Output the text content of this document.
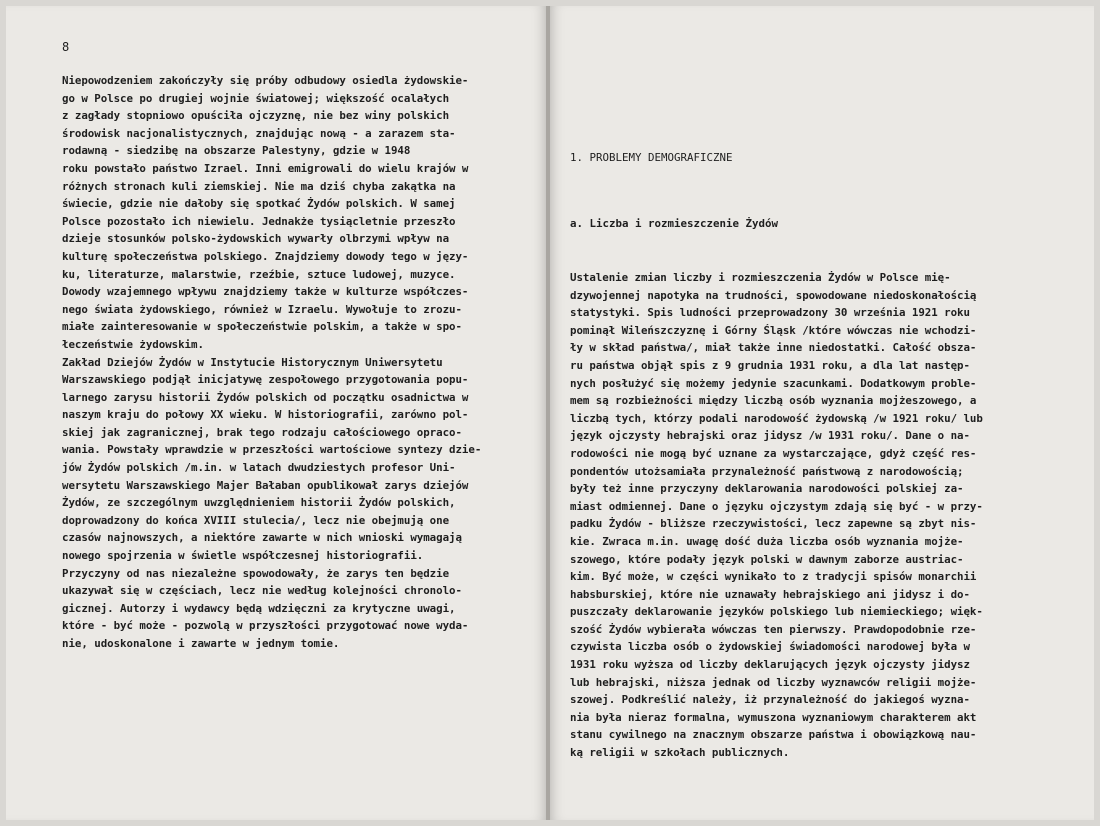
8

Niepowodzeniem zakończyły się próby odbudowy osiedla żydowskie-
go w Polsce po drugiej wojnie światowej; większość ocalałych
z zagłady stopniowo opuściła ojczyznę, nie bez winy polskich
środowisk nacjonalistycznych, znajdując nową - a zarazem sta-
rodawną - siedzibę na obszarze Palestyny, gdzie w 1948
roku powstało państwo Izrael. Inni emigrowali do wielu krajów w
różnych stronach kuli ziemskiej. Nie ma dziś chyba zakątka na
świecie, gdzie nie dałoby się spotkać Żydów polskich. W samej
Polsce pozostało ich niewielu. Jednakże tysiącletnie przeszło
dzieje stosunków polsko-żydowskich wywarły olbrzymi wpływ na
kulturę społeczeństwa polskiego. Znajdziemy dowody tego w języ-
ku, literaturze, malarstwie, rzeźbie, sztuce ludowej, muzyce.
Dowody wzajemnego wpływu znajdziemy także w kulturze współczes-
nego świata żydowskiego, również w Izraelu. Wywołuje to zrozu-
miałe zainteresowanie w społeczeństwie polskim, a także w spo-
łeczeństwie żydowskim.
Zakład Dziejów Żydów w Instytucie Historycznym Uniwersytetu
Warszawskiego podjął inicjatywę zespołowego przygotowania popu-
larnego zarysu historii Żydów polskich od początku osadnictwa w
naszym kraju do połowy XX wieku. W historiografii, zarówno pol-
skiej jak zagranicznej, brak tego rodzaju całościowego opraco-
wania. Powstały wprawdzie w przeszłości wartościowe syntezy dzie-
jów Żydów polskich /m.in. w latach dwudziestych profesor Uni-
wersytetu Warszawskiego Majer Bałaban opublikował zarys dziejów
Żydów, ze szczególnym uwzględnieniem historii Żydów polskich,
doprowadzony do końca XVIII stulecia/, lecz nie obejmują one
czasów najnowszych, a niektóre zawarte w nich wnioski wymagają
nowego spojrzenia w świetle współczesnej historiografii.
Przyczyny od nas niezależne spowodowały, że zarys ten będzie
ukazywał się w częściach, lecz nie według kolejności chronolo-
gicznej. Autorzy i wydawcy będą wdzięczni za krytyczne uwagi,
które - być może - pozwolą w przyszłości przygotować nowe wyda-
nie, udoskonalone i zawarte w jednym tomie.
1. PROBLEMY DEMOGRAFICZNE
a. Liczba i rozmieszczenie Żydów
Ustalenie zmian liczby i rozmieszczenia Żydów w Polsce mię-
dzywojennej napotyka na trudności, spowodowane niedoskonałością
statystyki. Spis ludności przeprowadzony 30 września 1921 roku
pominął Wileńszczyznę i Górny Śląsk /które wówczas nie wchodzi-
ły w skład państwa/, miał także inne niedostatki. Całość obsza-
ru państwa objął spis z 9 grudnia 1931 roku, a dla lat następ-
nych posłużyć się możemy jedynie szacunkami. Dodatkowym proble-
mem są rozbieżności między liczbą osób wyznania mojżeszowego, a
liczbą tych, którzy podali narodowość żydowską /w 1921 roku/ lub
język ojczysty hebrajski oraz jidysz /w 1931 roku/. Dane o na-
rodowości nie mogą być uznane za wystarczające, gdyż część res-
pondentów utożsamiała przynależność państwową z narodowością;
były też inne przyczyny deklarowania narodowości polskiej za-
miast odmiennej. Dane o języku ojczystym zdają się być - w przy-
padku Żydów - bliższe rzeczywistości, lecz zapewne są zbyt nis-
kie. Zwraca m.in. uwagę dość duża liczba osób wyznania mojże-
szowego, które podały język polski w dawnym zaborze austriac-
kim. Być może, w części wynikało to z tradycji spisów monarchii
habsburskiej, które nie uznawały hebrajskiego ani jidysz i do-
puszczały deklarowanie języków polskiego lub niemieckiego; więk-
szość Żydów wybierała wówczas ten pierwszy. Prawdopodobnie rze-
czywista liczba osób o żydowskiej świadomości narodowej była w
1931 roku wyższa od liczby deklarujących język ojczysty jidysz
lub hebrajski, niższa jednak od liczby wyznawców religii mojże-
szowej. Podkreślić należy, iż przynależność do jakiegoś wyzna-
nia była nieraz formalna, wymuszona wyznaniowym charakterem akt
stanu cywilnego na znacznym obszarze państwa i obowiązkową nau-
ką religii w szkołach publicznych.
